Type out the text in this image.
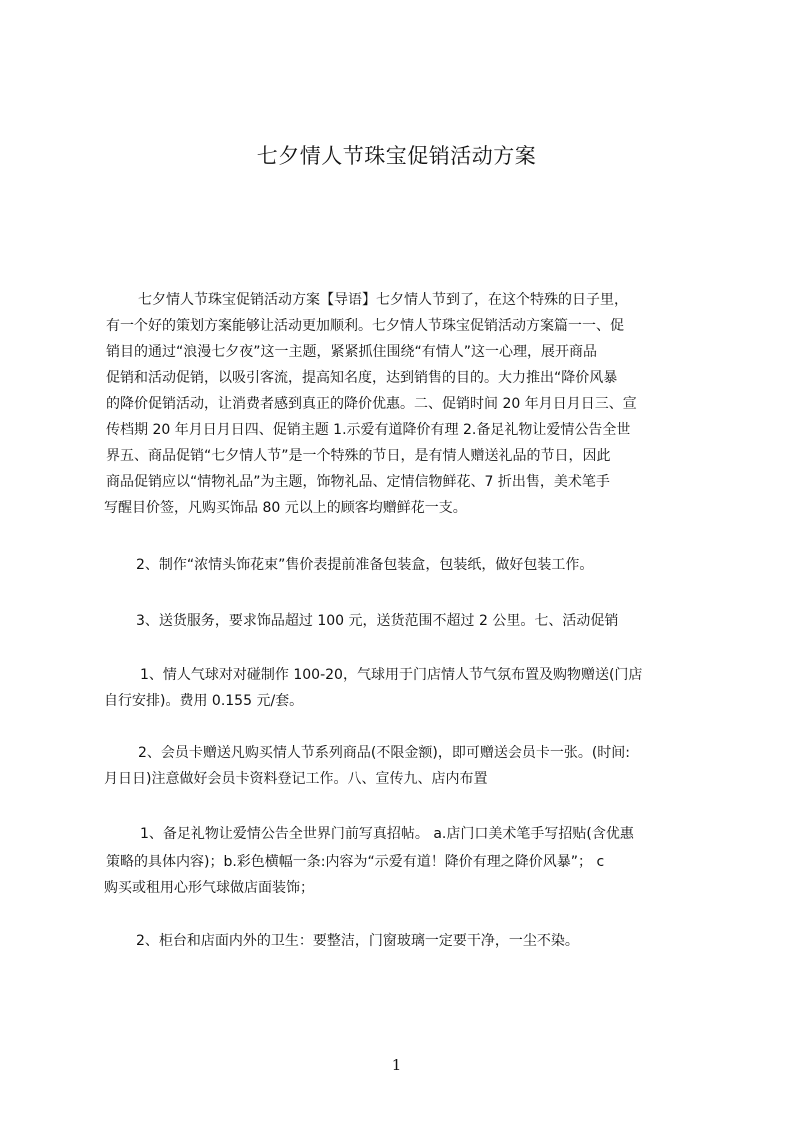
七夕情人节珠宝促销活动方案
七夕情人节珠宝促销活动方案【导语】七夕情人节到了，在这个特殊的日子里，
有一个好的策划方案能够让活动更加顺利。七夕情人节珠宝促销活动方案篇一一、促
销目的通过“浪漫七夕夜”这一主题，紧紧抓住围绕“有情人”这一心理，展开商品
促销和活动促销，以吸引客流，提高知名度，达到销售的目的。大力推出“降价风暴
的降价促销活动，让消费者感到真正的降价优惠。二、促销时间 20 年月日月日三、宣
传档期 20 年月日月日四、促销主题 1.示爱有道降价有理 2.备足礼物让爱情公告全世
界五、商品促销“七夕情人节”是一个特殊的节日，是有情人赠送礼品的节日，因此
商品促销应以“情物礼品”为主题，饰物礼品、定情信物鲜花、7 折出售，美术笔手
写醒目价签，凡购买饰品 80 元以上的顾客均赠鲜花一支。
2、制作“浓情头饰花束”售价表提前准备包装盒，包装纸，做好包装工作。
3、送货服务，要求饰品超过 100 元，送货范围不超过 2 公里。七、活动促销
1、情人气球对对碰制作 100-20，气球用于门店情人节气氛布置及购物赠送(门店
自行安排)。费用 0.155 元/套。
2、会员卡赠送凡购买情人节系列商品(不限金额)，即可赠送会员卡一张。(时间:
月日日)注意做好会员卡资料登记工作。八、宣传九、店内布置
1、备足礼物让爱情公告全世界门前写真招帖。 a.店门口美术笔手写招贴(含优惠
策略的具体内容)；b.彩色横幅一条:内容为“示爱有道！降价有理之降价风暴”； c
购买或租用心形气球做店面装饰；
2、柜台和店面内外的卫生：要整洁，门窗玻璃一定要干净，一尘不染。
1
